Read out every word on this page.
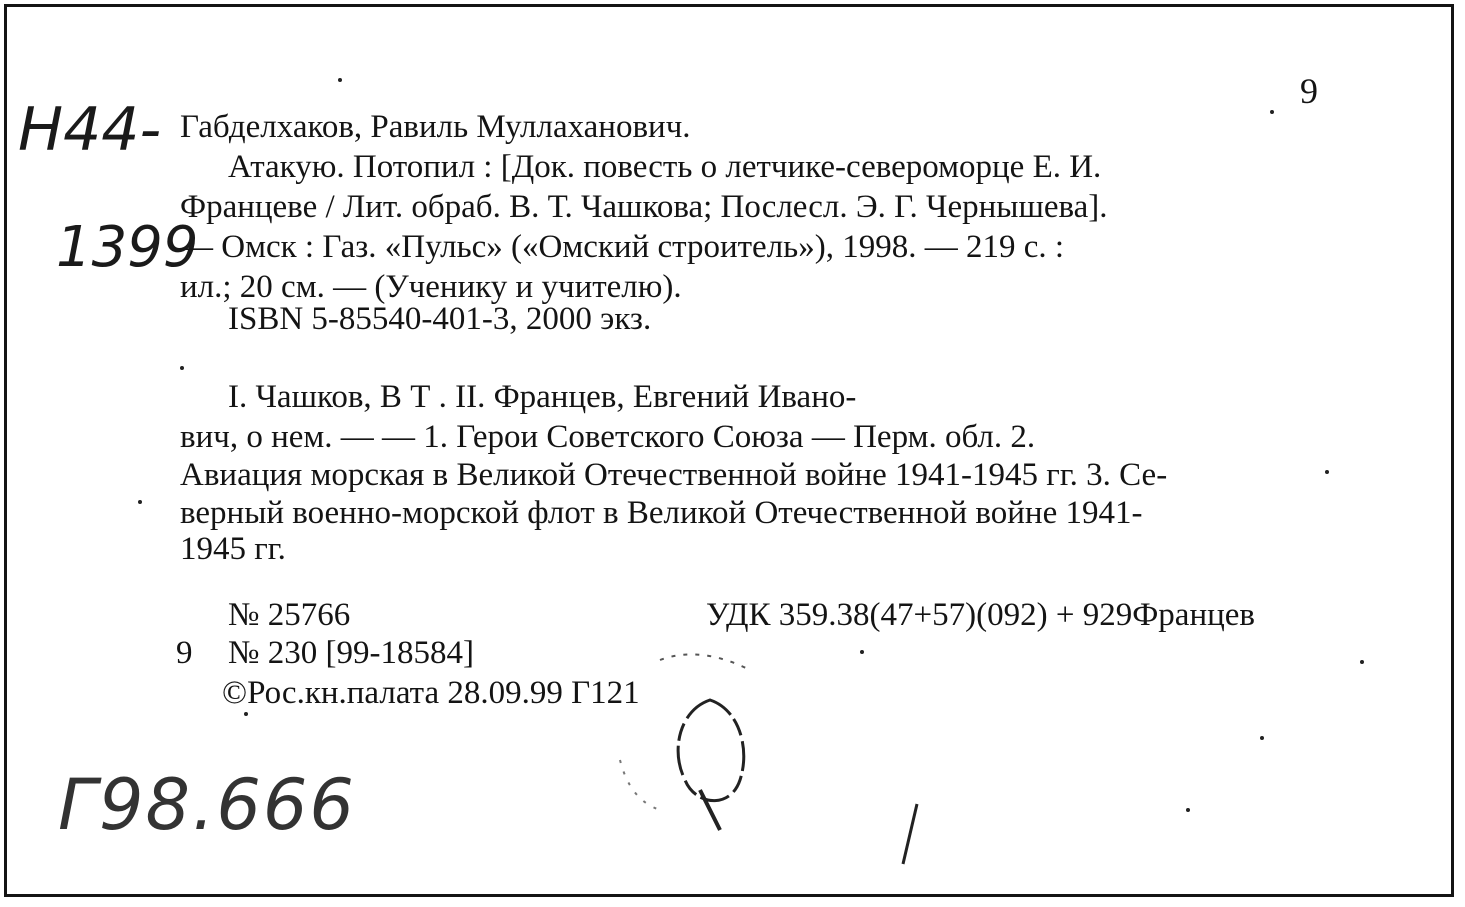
9
Н44-
1399
Габделхаков, Равиль Муллаханович.
Атакую. Потопил : [Док. повесть о летчике-североморце Е. И.
Францеве / Лит. обраб. В. Т. Чашкова; Послесл. Э. Г. Чернышева].
— Омск : Газ. «Пульс» («Омский строитель»), 1998. — 219 с. :
ил.; 20 см. — (Ученику и учителю).
ISBN 5-85540-401-3, 2000 экз.
I. Чашков, В Т . II. Францев, Евгений Ивано-
вич, о нем. — — 1. Герои Советского Союза — Перм. обл. 2.
Авиация морская в Великой Отечественной войне 1941-1945 гг. 3. Се-
верный военно-морской флот в Великой Отечественной войне 1941-
1945 гг.
№ 25766	УДК 359.38(47+57)(092) + 929Францев
9 № 230 [99-18584]
©Рос.кн.палата 28.09.99 Г121
Г98.666
